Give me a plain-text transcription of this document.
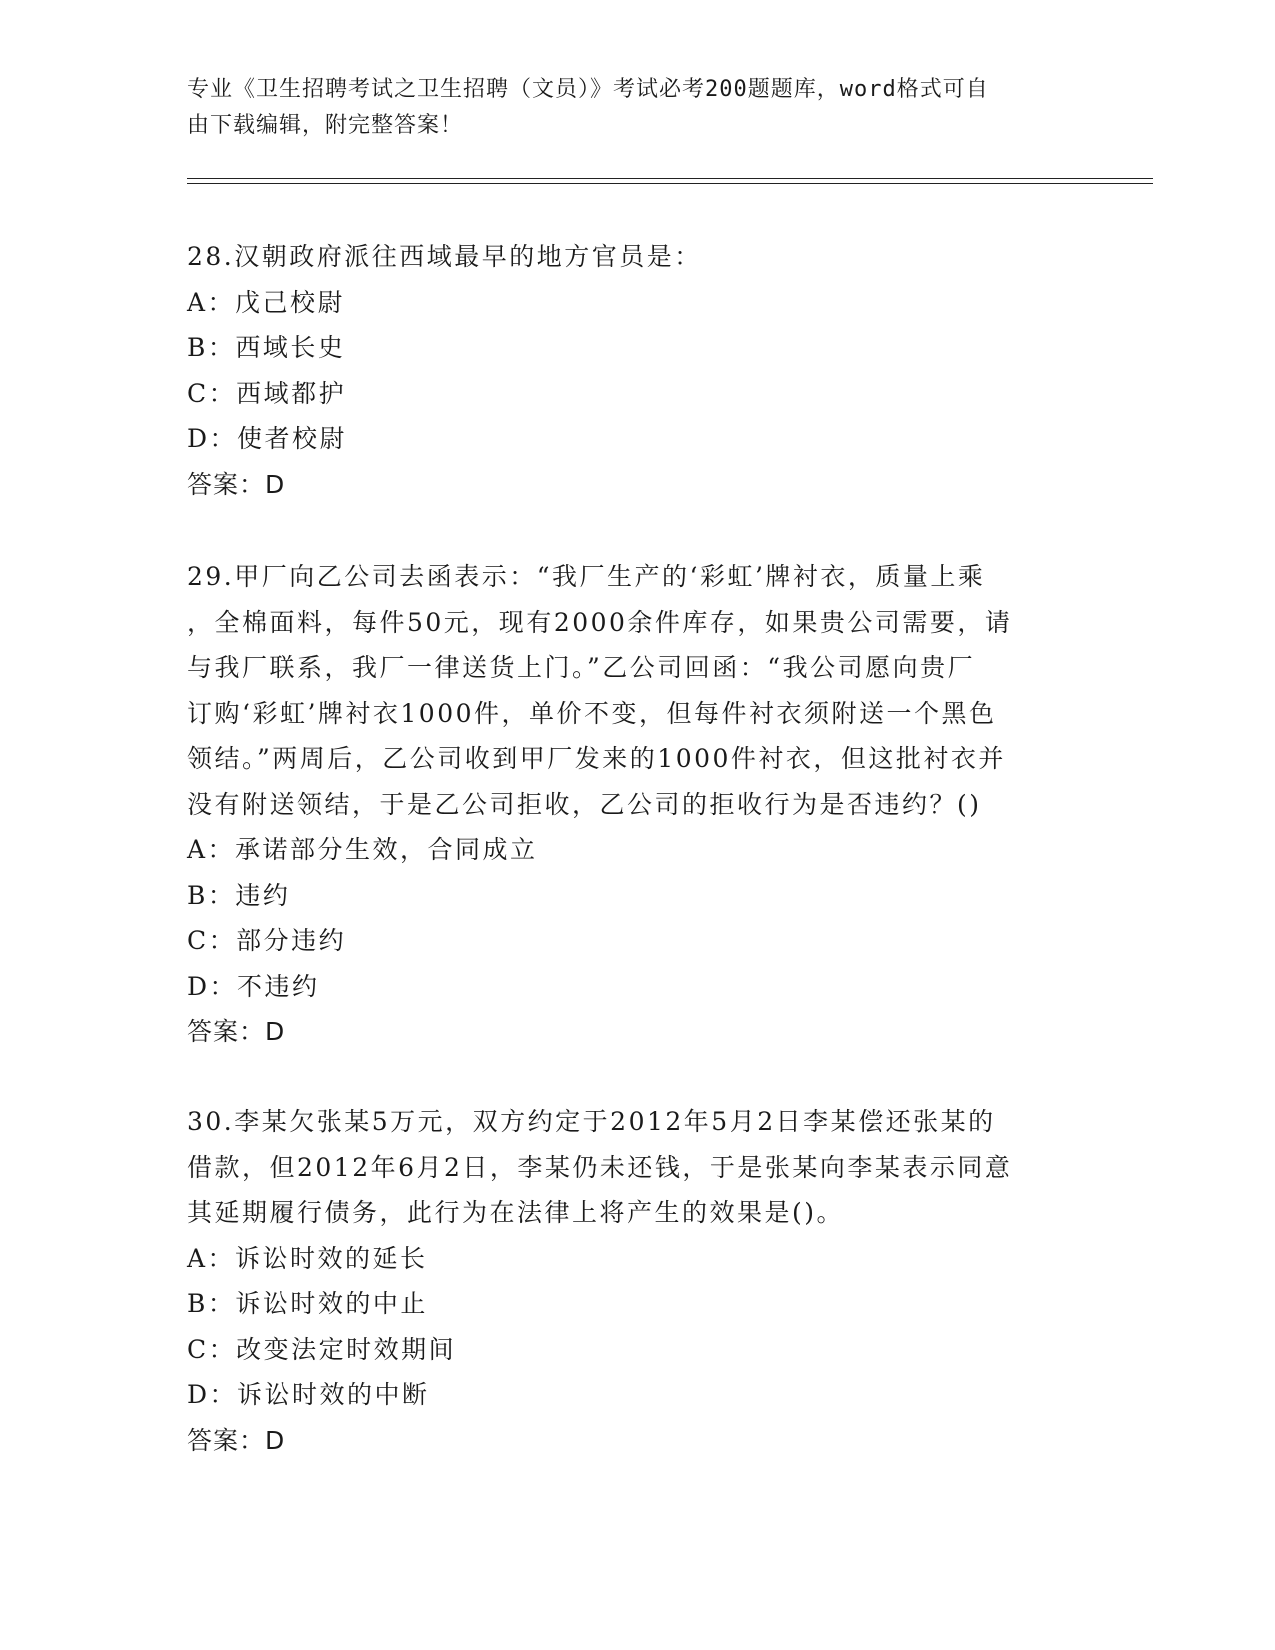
专业《卫生招聘考试之卫生招聘（文员）》考试必考200题题库，word格式可自
由下载编辑，附完整答案！

28.汉朝政府派往西域最早的地方官员是：

A：戊己校尉

B：西域长史

C：西域都护

D：使者校尉

答案：D

29.甲厂向乙公司去函表示：“我厂生产的‘彩虹’牌衬衣，质量上乘

，全棉面料，每件50元，现有2000余件库存，如果贵公司需要，请

与我厂联系，我厂一律送货上门。”乙公司回函：“我公司愿向贵厂

订购‘彩虹’牌衬衣1000件，单价不变，但每件衬衣须附送一个黑色

领结。”两周后，乙公司收到甲厂发来的1000件衬衣，但这批衬衣并

没有附送领结，于是乙公司拒收，乙公司的拒收行为是否违约？()

A：承诺部分生效，合同成立

B：违约

C：部分违约

D：不违约

答案：D

30.李某欠张某5万元，双方约定于2012年5月2日李某偿还张某的

借款，但2012年6月2日，李某仍未还钱，于是张某向李某表示同意

其延期履行债务，此行为在法律上将产生的效果是()。

A：诉讼时效的延长

B：诉讼时效的中止

C：改变法定时效期间

D：诉讼时效的中断

答案：D
